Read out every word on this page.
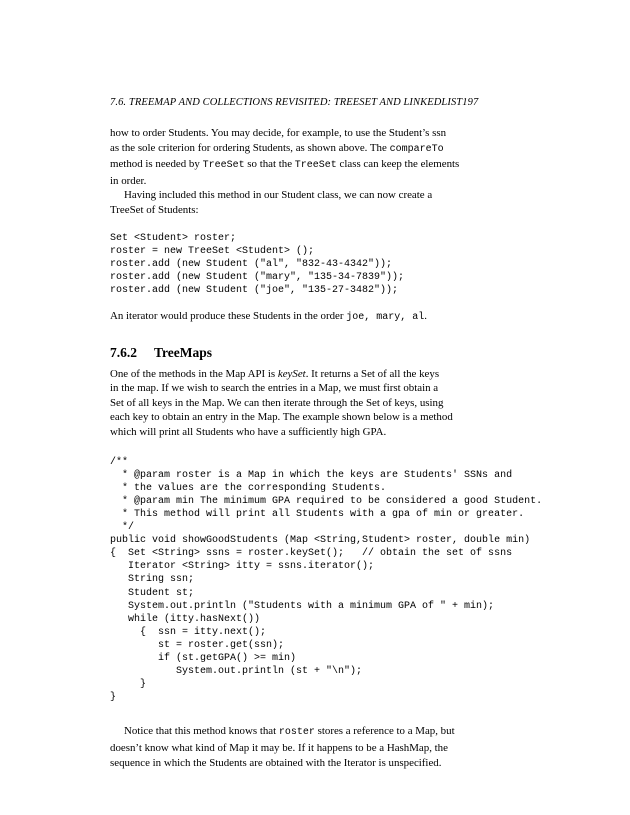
7.6. TREEMAP AND COLLECTIONS REVISITED: TREESET AND LINKEDLIST197
how to order Students. You may decide, for example, to use the Student’s ssn
as the sole criterion for ordering Students, as shown above. The compareTo
method is needed by TreeSet so that the TreeSet class can keep the elements
in order.
Having included this method in our Student class, we can now create a
TreeSet of Students:
Set <Student> roster;
roster = new TreeSet <Student> ();
roster.add (new Student ("al", "832-43-4342"));
roster.add (new Student ("mary", "135-34-7839"));
roster.add (new Student ("joe", "135-27-3482"));
An iterator would produce these Students in the order joe, mary, al.
7.6.2 TreeMaps
One of the methods in the Map API is keySet. It returns a Set of all the keys
in the map. If we wish to search the entries in a Map, we must first obtain a
Set of all keys in the Map. We can then iterate through the Set of keys, using
each key to obtain an entry in the Map. The example shown below is a method
which will print all Students who have a sufficiently high GPA.
/**
* @param roster is a Map in which the keys are Students' SSNs and
* the values are the corresponding Students.
* @param min The minimum GPA required to be considered a good Student.
* This method will print all Students with a gpa of min or greater.
*/
public void showGoodStudents (Map <String,Student> roster, double min)
{  Set <String> ssns = roster.keySet();   // obtain the set of ssns
Iterator <String> itty = ssns.iterator();
String ssn;
Student st;
System.out.println ("Students with a minimum GPA of " + min);
while (itty.hasNext())
{  ssn = itty.next();
st = roster.get(ssn);
if (st.getGPA() >= min)
System.out.println (st + "\n");
}
}
Notice that this method knows that roster stores a reference to a Map, but
doesn’t know what kind of Map it may be. If it happens to be a HashMap, the
sequence in which the Students are obtained with the Iterator is unspecified.
